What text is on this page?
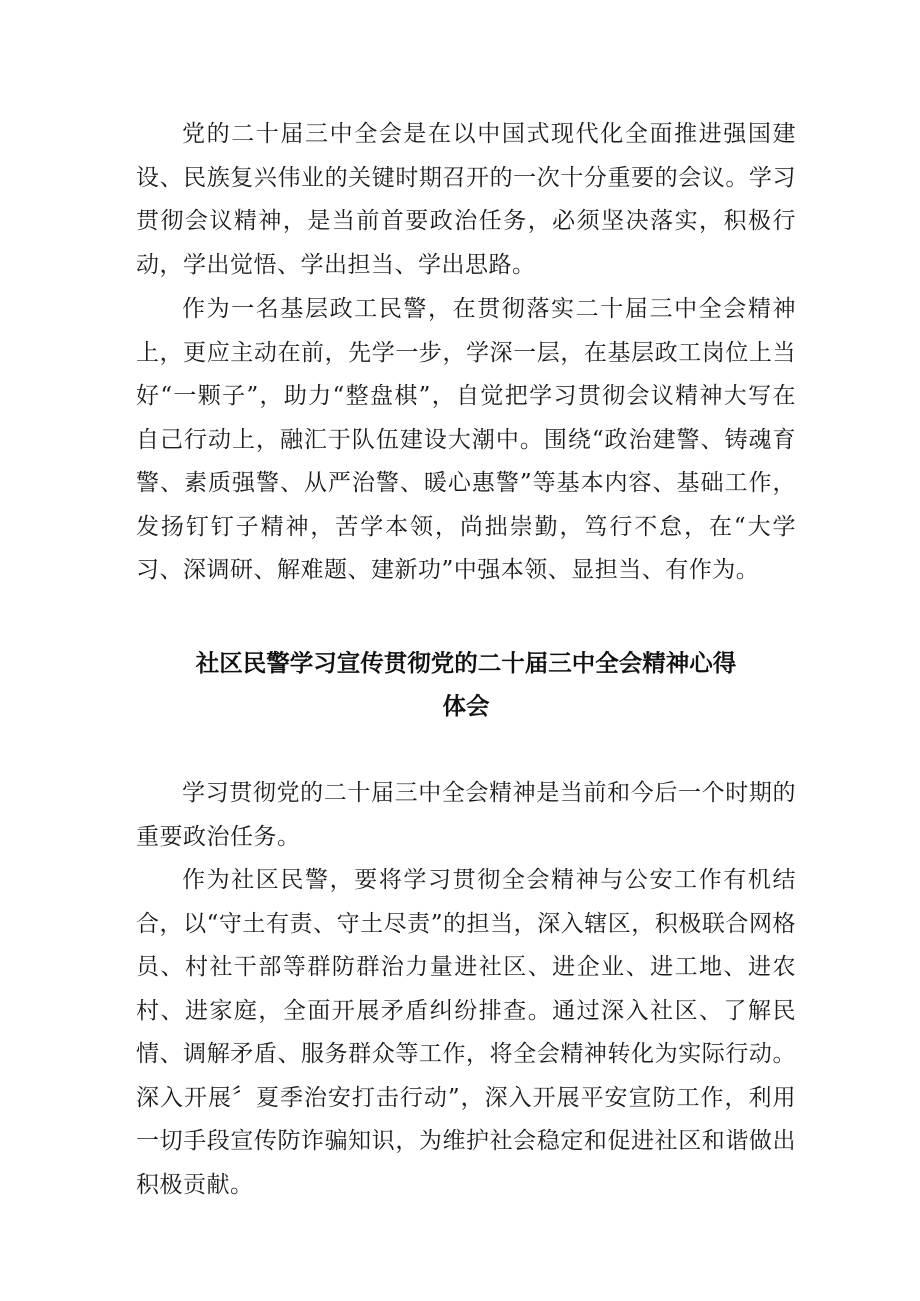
党的二十届三中全会是在以中国式现代化全面推进强国建设、民族复兴伟业的关键时期召开的一次十分重要的会议。学习贯彻会议精神，是当前首要政治任务，必须坚决落实，积极行动，学出觉悟、学出担当、学出思路。

作为一名基层政工民警，在贯彻落实二十届三中全会精神上，更应主动在前，先学一步，学深一层，在基层政工岗位上当好“一颗子”，助力“整盘棋”，自觉把学习贯彻会议精神大写在自己行动上，融汇于队伍建设大潮中。围绕“政治建警、铸魂育警、素质强警、从严治警、暖心惠警”等基本内容、基础工作，发扬钉钉子精神，苦学本领，尚拙崇勤，笃行不怠，在“大学习、深调研、解难题、建新功”中强本领、显担当、有作为。

社区民警学习宣传贯彻党的二十届三中全会精神心得
体会

学习贯彻党的二十届三中全会精神是当前和今后一个时期的重要政治任务。

作为社区民警，要将学习贯彻全会精神与公安工作有机结合，以“守土有责、守土尽责”的担当，深入辖区，积极联合网格员、村社干部等群防群治力量进社区、进企业、进工地、进农村、进家庭，全面开展矛盾纠纷排查。通过深入社区、了解民情、调解矛盾、服务群众等工作，将全会精神转化为实际行动。深入开展〞夏季治安打击行动”，深入开展平安宣防工作，利用一切手段宣传防诈骗知识，为维护社会稳定和促进社区和谐做出积极贡献。
